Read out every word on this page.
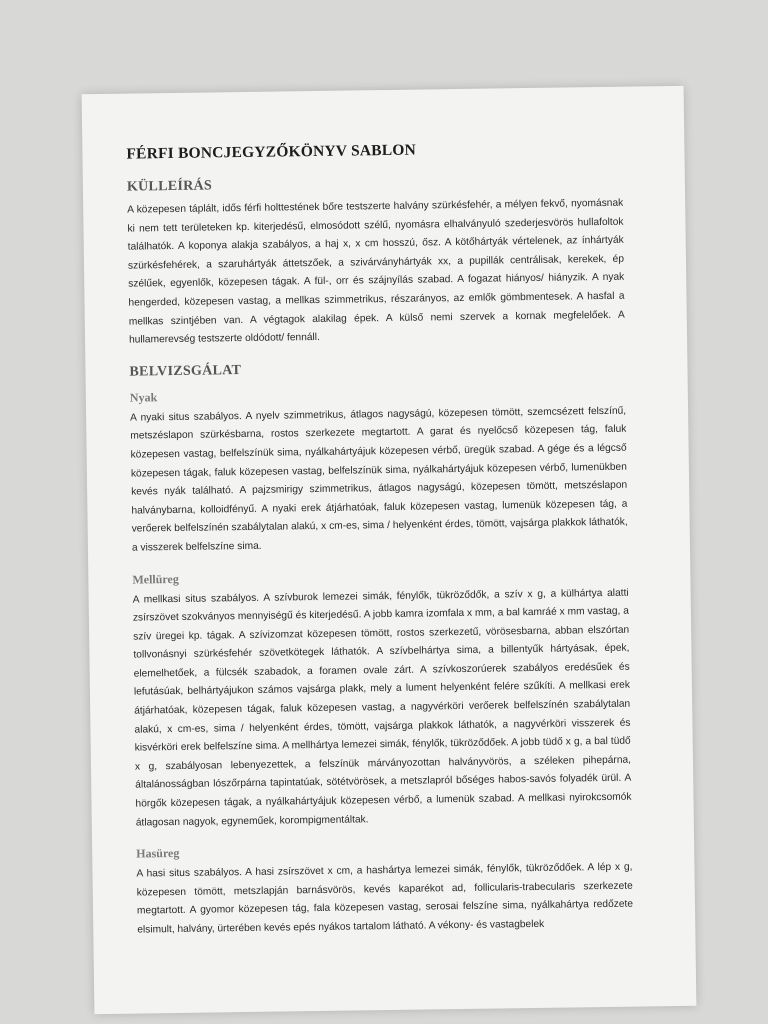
FÉRFI BONCJEGYZŐKÖNYV SABLON
KÜLLEÍRÁS

A közepesen táplált, idős férfi holttestének bőre testszerte halvány szürkésfehér, a mélyen fekvő, nyomásnak ki nem tett területeken kp. kiterjedésű, elmosódott szélű, nyomásra elhalványuló szederjesvörös hullafoltok találhatók. A koponya alakja szabályos, a haj x, x cm hosszú, ősz. A kötőhártyák vértelenek, az ínhártyák szürkésfehérek, a szaruhártyák áttetszőek, a szivárványhártyák xx, a pupillák centrálisak, kerekek, ép szélűek, egyenlők, közepesen tágak. A fül-, orr és szájnyílás szabad. A fogazat hiányos/ hiányzik. A nyak hengerded, közepesen vastag, a mellkas szimmetrikus, részarányos, az emlők gömbmentesek. A hasfal a mellkas szintjében van. A végtagok alakilag épek. A külső nemi szervek a kornak megfelelőek. A hullamerevség testszerte oldódott/ fennáll.

BELVIZSGÁLAT
Nyak

A nyaki situs szabályos. A nyelv szimmetrikus, átlagos nagyságú, közepesen tömött, szemcsézett felszínű, metszéslapon szürkésbarna, rostos szerkezete megtartott. A garat és nyelőcső közepesen tág, faluk közepesen vastag, belfelszínük sima, nyálkahártyájuk közepesen vérbő, üregük szabad. A gége és a légcső közepesen tágak, faluk közepesen vastag, belfelszínük sima, nyálkahártyájuk közepesen vérbő, lumenükben kevés nyák található. A pajzsmirigy szimmetrikus, átlagos nagyságú, közepesen tömött, metszéslapon halványbarna, kolloidfényű. A nyaki erek átjárhatóak, faluk közepesen vastag, lumenük közepesen tág, a verőerek belfelszínén szabálytalan alakú, x cm-es, sima / helyenként érdes, tömött, vajsárga plakkok láthatók, a visszerek belfelszíne sima.

Mellüreg

A mellkasi situs szabályos. A szívburok lemezei simák, fénylők, tükröződők, a szív x g, a külhártya alatti zsírszövet szokványos mennyiségű és kiterjedésű. A jobb kamra izomfala x mm, a bal kamráé x mm vastag, a szív üregei kp. tágak. A szívizomzat közepesen tömött, rostos szerkezetű, vörösesbarna, abban elszórtan tollvonásnyi szürkésfehér szövetkötegek láthatók. A szívbelhártya sima, a billentyűk hártyásak, épek, elemelhetőek, a fülcsék szabadok, a foramen ovale zárt. A szívkoszorúerek szabályos eredésűek és lefutásúak, belhártyájukon számos vajsárga plakk, mely a lument helyenként felére szűkíti. A mellkasi erek átjárhatóak, közepesen tágak, faluk közepesen vastag, a nagyvérköri verőerek belfelszínén szabálytalan alakú, x cm-es, sima / helyenként érdes, tömött, vajsárga plakkok láthatók, a nagyvérköri visszerek és kisvérköri erek belfelszíne sima. A mellhártya lemezei simák, fénylők, tükröződőek. A jobb tüdő x g, a bal tüdő x g, szabályosan lebenyezettek, a felszínük márványozottan halványvörös, a széleken pihepárna, általánosságban lószőrpárna tapintatúak, sötétvörösek, a metszlapról bőséges habos-savós folyadék ürül. A hörgők közepesen tágak, a nyálkahártyájuk közepesen vérbő, a lumenük szabad. A mellkasi nyirokcsomók átlagosan nagyok, egyneműek, korompigmentáltak.

Hasüreg

A hasi situs szabályos. A hasi zsírszövet x cm, a hashártya lemezei simák, fénylők, tükröződőek. A lép x g, közepesen tömött, metszlapján barnásvörös, kevés kaparékot ad, follicularis-trabecularis szerkezete megtartott. A gyomor közepesen tág, fala közepesen vastag, serosai felszíne sima, nyálkahártya redőzete elsimult, halvány, ürterében kevés epés nyákos tartalom látható. A vékony- és vastagbelek
